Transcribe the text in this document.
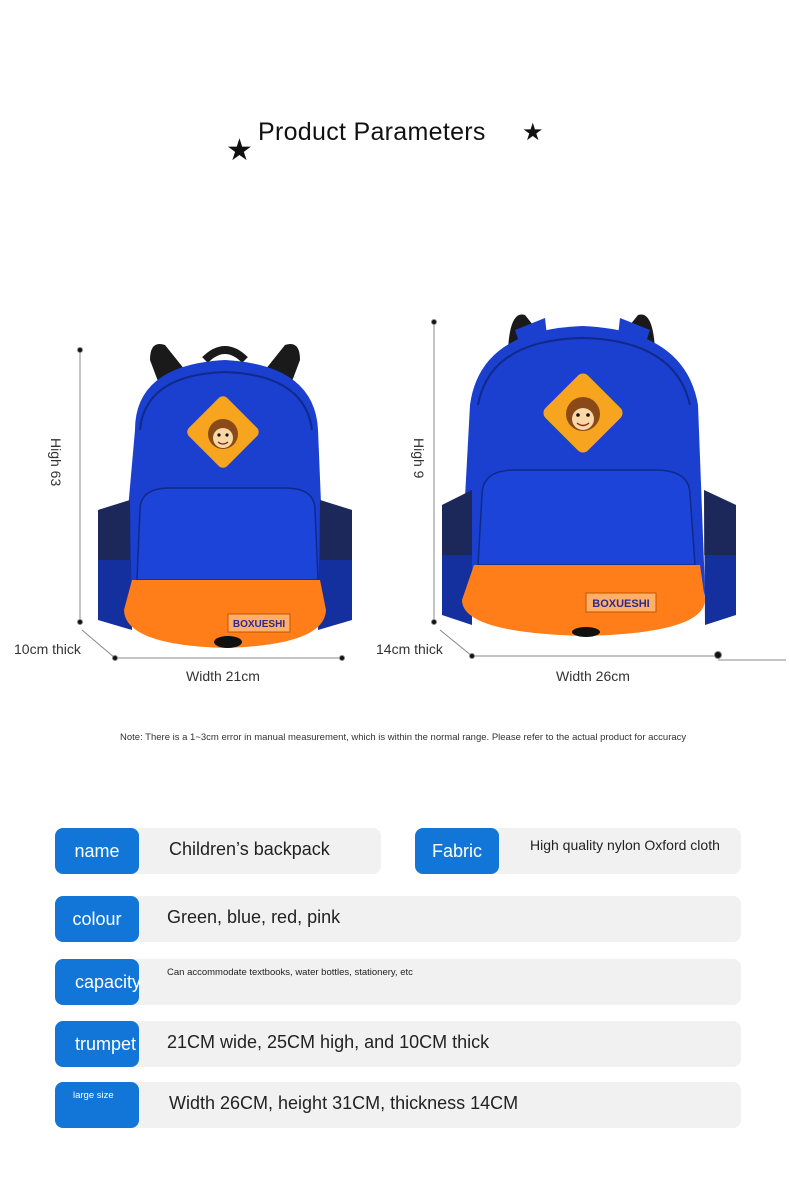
★
Product Parameters ★
BOXUESHI
BOXUESHI
High 63
10cm thick
Width 21cm
High 9
14cm thick
Width 26cm
Note: There is a 1~3cm error in manual measurement, which is within the normal range. Please refer to the actual product for accuracy
name	Children’s backpack	Fabric	High quality nylon Oxford cloth
colour	Green, blue, red, pink
capacity	Can accommodate textbooks, water bottles, stationery, etc
trumpet 21CM wide, 25CM high, and 10CM thick
large size	Width 26CM, height 31CM, thickness 14CM
